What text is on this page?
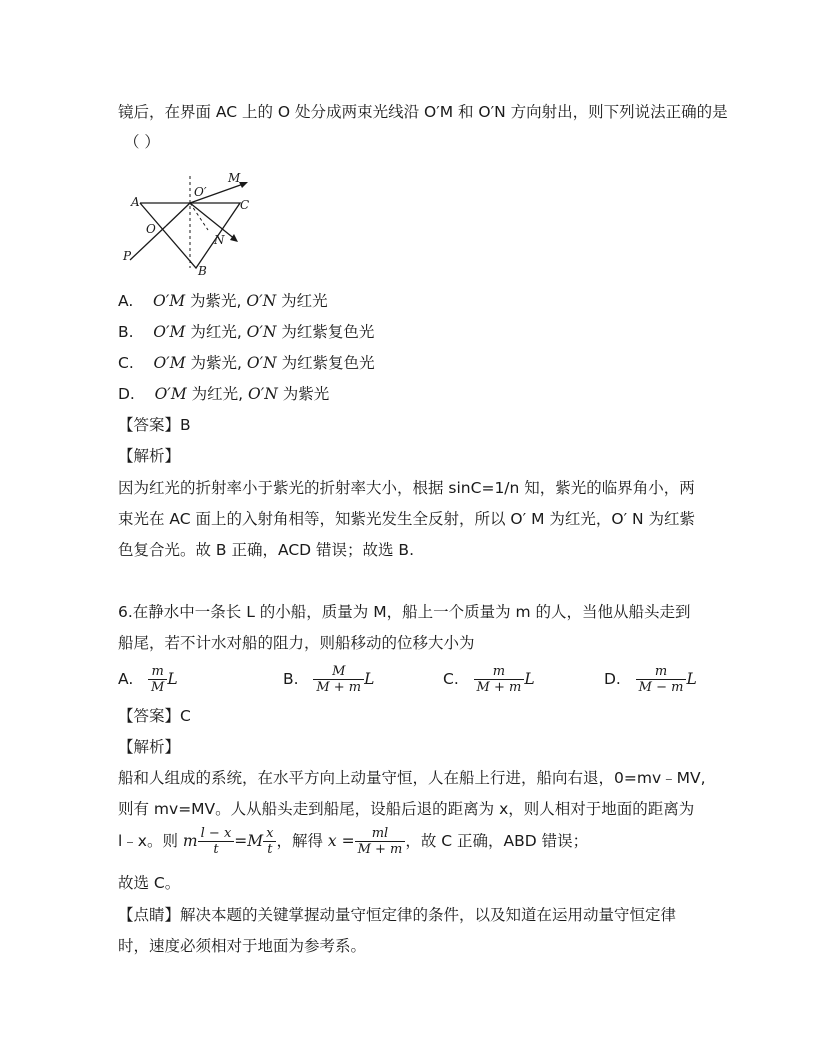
镜后，在界面 AC 上的 O 处分成两束光线沿 O′M 和 O′N 方向射出，则下列说法正确的是
（ ）
M
O′
A	C
O
N
P
B
A. O′M 为紫光, O′N 为红光
B. O′M 为红光, O′N 为红紫复色光
C. O′M 为紫光, O′N 为红紫复色光
D. O′M 为红光, O′N 为紫光
【答案】B
【解析】
因为红光的折射率小于紫光的折射率大小，根据 sinC=1/n 知，紫光的临界角小，两
束光在 AC 面上的入射角相等，知紫光发生全反射，所以 O′ M 为红光，O′ N 为红紫
色复合光。故 B 正确，ACD 错误；故选 B.
6.在静水中一条长 L 的小船，质量为 M，船上一个质量为 m 的人，当他从船头走到
船尾，若不计水对船的阻力，则船移动的位移大小为
A. $\frac{m}{M}$ L	B. $\frac{M}{M + m}$ L	C. $\frac{m}{M + m}$ L	D. $\frac{m}{M - m}$ L
【答案】C
【解析】
船和人组成的系统，在水平方向上动量守恒，人在船上行进，船向右退，0=mv﹣MV,
则有 mv=MV。人从船头走到船尾，设船后退的距离为 x，则人相对于地面的距离为
l﹣x。则 m $\frac{l - x}{t} =M \frac{x}{t}$ ，解得 $x = \frac{ml}{M + m}$ ，故 C 正确，ABD 错误；
故选 C。
【点睛】解决本题的关键掌握动量守恒定律的条件，以及知道在运用动量守恒定律
时，速度必须相对于地面为参考系。
